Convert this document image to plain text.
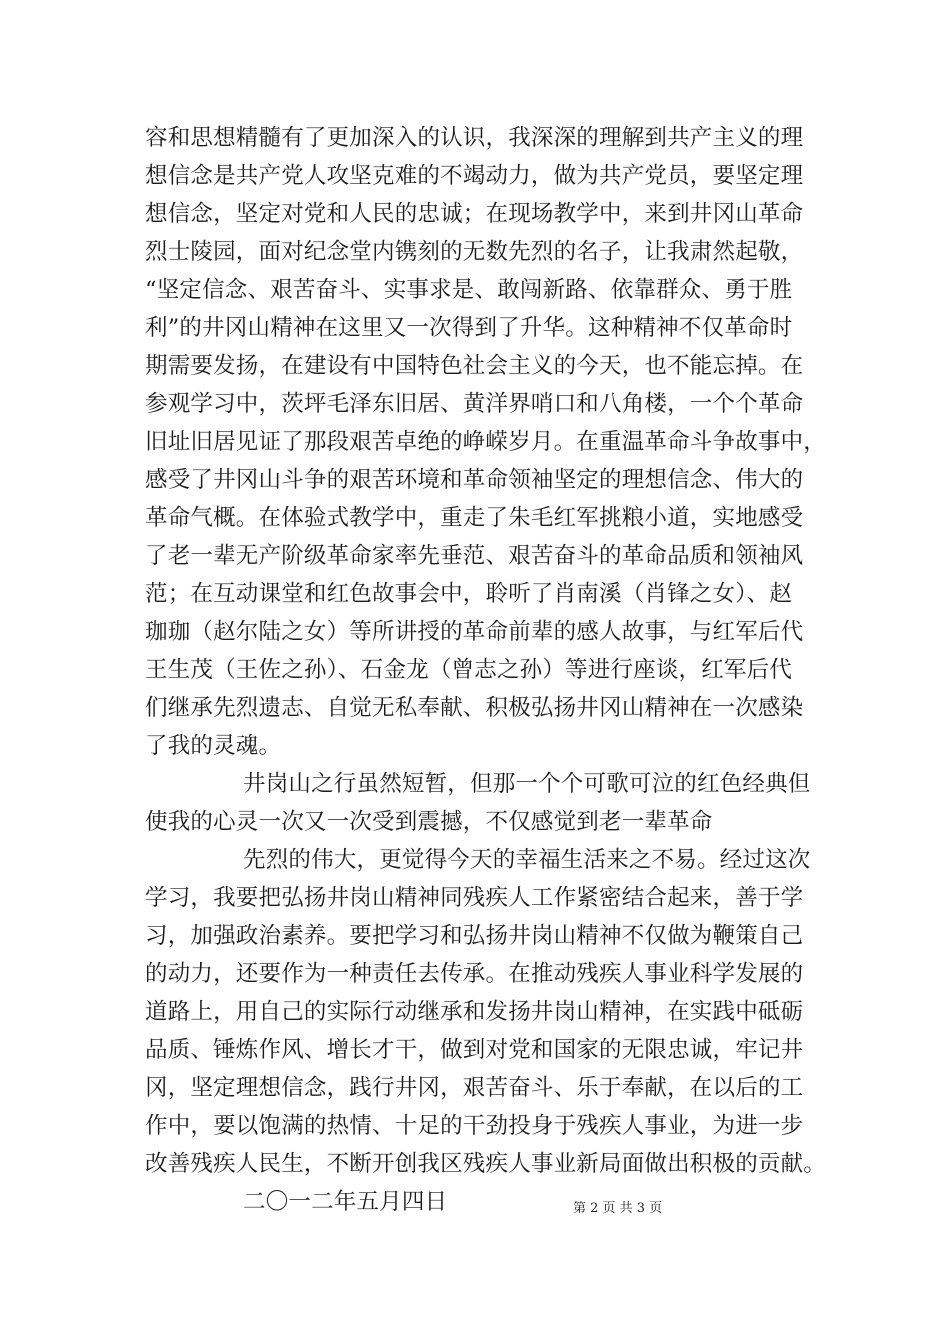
容和思想精髓有了更加深入的认识，我深深的理解到共产主义的理
想信念是共产党人攻坚克难的不竭动力，做为共产党员，要坚定理
想信念，坚定对党和人民的忠诚；在现场教学中，来到井冈山革命
烈士陵园，面对纪念堂内镌刻的无数先烈的名子，让我肃然起敬，
“坚定信念、艰苦奋斗、实事求是、敢闯新路、依靠群众、勇于胜
利”的井冈山精神在这里又一次得到了升华。这种精神不仅革命时
期需要发扬，在建设有中国特色社会主义的今天，也不能忘掉。在
参观学习中，茨坪毛泽东旧居、黄洋界哨口和八角楼，一个个革命
旧址旧居见证了那段艰苦卓绝的峥嵘岁月。在重温革命斗争故事中，
感受了井冈山斗争的艰苦环境和革命领袖坚定的理想信念、伟大的
革命气概。在体验式教学中，重走了朱毛红军挑粮小道，实地感受
了老一辈无产阶级革命家率先垂范、艰苦奋斗的革命品质和领袖风
范；在互动课堂和红色故事会中，聆听了肖南溪（肖锋之女）、赵
珈珈（赵尔陆之女）等所讲授的革命前辈的感人故事，与红军后代
王生茂（王佐之孙）、石金龙（曾志之孙）等进行座谈，红军后代
们继承先烈遗志、自觉无私奉献、积极弘扬井冈山精神在一次感染
了我的灵魂。
井岗山之行虽然短暂，但那一个个可歌可泣的红色经典但
使我的心灵一次又一次受到震撼，不仅感觉到老一辈革命
先烈的伟大，更觉得今天的幸福生活来之不易。经过这次
学习，我要把弘扬井岗山精神同残疾人工作紧密结合起来，善于学
习，加强政治素养。要把学习和弘扬井岗山精神不仅做为鞭策自己
的动力，还要作为一种责任去传承。在推动残疾人事业科学发展的
道路上，用自己的实际行动继承和发扬井岗山精神，在实践中砥砺
品质、锤炼作风、增长才干，做到对党和国家的无限忠诚，牢记井
冈，坚定理想信念，践行井冈，艰苦奋斗、乐于奉献，在以后的工
作中，要以饱满的热情、十足的干劲投身于残疾人事业，为进一步
改善残疾人民生，不断开创我区残疾人事业新局面做出积极的贡献。
二〇一二年五月四日	第 2 页 共 3 页
